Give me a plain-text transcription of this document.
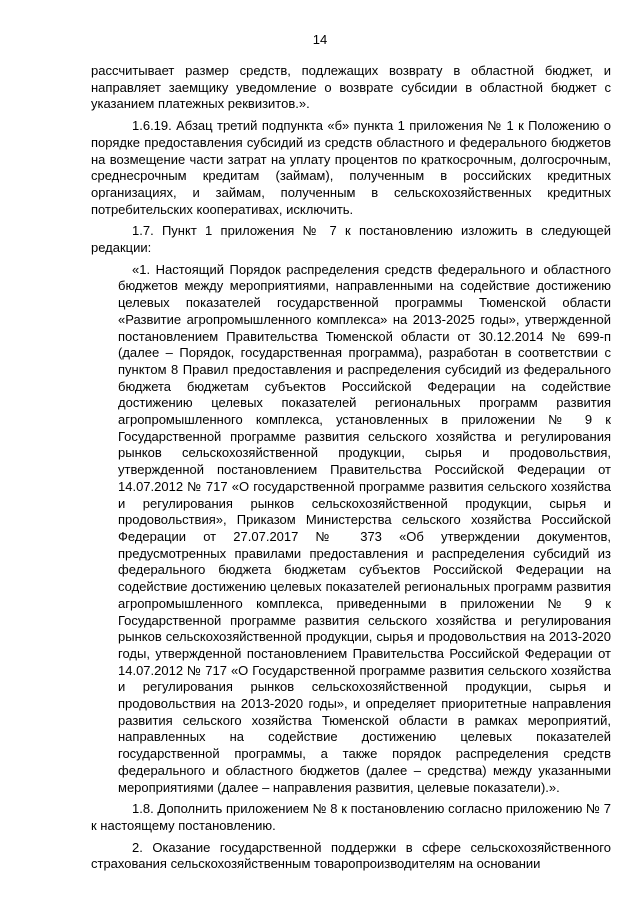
14

рассчитывает размер средств, подлежащих возврату в областной бюджет, и направляет заемщику уведомление о возврате субсидии в областной бюджет с указанием платежных реквизитов.».

1.6.19. Абзац третий подпункта «б» пункта 1 приложения № 1 к Положению о порядке предоставления субсидий из средств областного и федерального бюджетов на возмещение части затрат на уплату процентов по краткосрочным, долгосрочным, среднесрочным кредитам (займам), полученным в российских кредитных организациях, и займам, полученным в сельскохозяйственных кредитных потребительских кооперативах, исключить.

1.7. Пункт 1 приложения № 7 к постановлению изложить в следующей редакции:

«1. Настоящий Порядок распределения средств федерального и областного бюджетов между мероприятиями, направленными на содействие достижению целевых показателей государственной программы Тюменской области «Развитие агропромышленного комплекса» на 2013-2025 годы», утвержденной постановлением Правительства Тюменской области от 30.12.2014 № 699-п (далее – Порядок, государственная программа), разработан в соответствии с пунктом 8 Правил предоставления и распределения субсидий из федерального бюджета бюджетам субъектов Российской Федерации на содействие достижению целевых показателей региональных программ развития агропромышленного комплекса, установленных в приложении № 9 к Государственной программе развития сельского хозяйства и регулирования рынков сельскохозяйственной продукции, сырья и продовольствия, утвержденной постановлением Правительства Российской Федерации от 14.07.2012 № 717 «О государственной программе развития сельского хозяйства и регулирования рынков сельскохозяйственной продукции, сырья и продовольствия», Приказом Министерства сельского хозяйства Российской Федерации от 27.07.2017 № 373 «Об утверждении документов, предусмотренных правилами предоставления и распределения субсидий из федерального бюджета бюджетам субъектов Российской Федерации на содействие достижению целевых показателей региональных программ развития агропромышленного комплекса, приведенными в приложении № 9 к Государственной программе развития сельского хозяйства и регулирования рынков сельскохозяйственной продукции, сырья и продовольствия на 2013-2020 годы, утвержденной постановлением Правительства Российской Федерации от 14.07.2012 № 717 «О Государственной программе развития сельского хозяйства и регулирования рынков сельскохозяйственной продукции, сырья и продовольствия на 2013-2020 годы», и определяет приоритетные направления развития сельского хозяйства Тюменской области в рамках мероприятий, направленных на содействие достижению целевых показателей государственной программы, а также порядок распределения средств федерального и областного бюджетов (далее – средства) между указанными мероприятиями (далее – направления развития, целевые показатели).».

1.8. Дополнить приложением № 8 к постановлению согласно приложению № 7 к настоящему постановлению.

2. Оказание государственной поддержки в сфере сельскохозяйственного страхования сельскохозяйственным товаропроизводителям на основании
